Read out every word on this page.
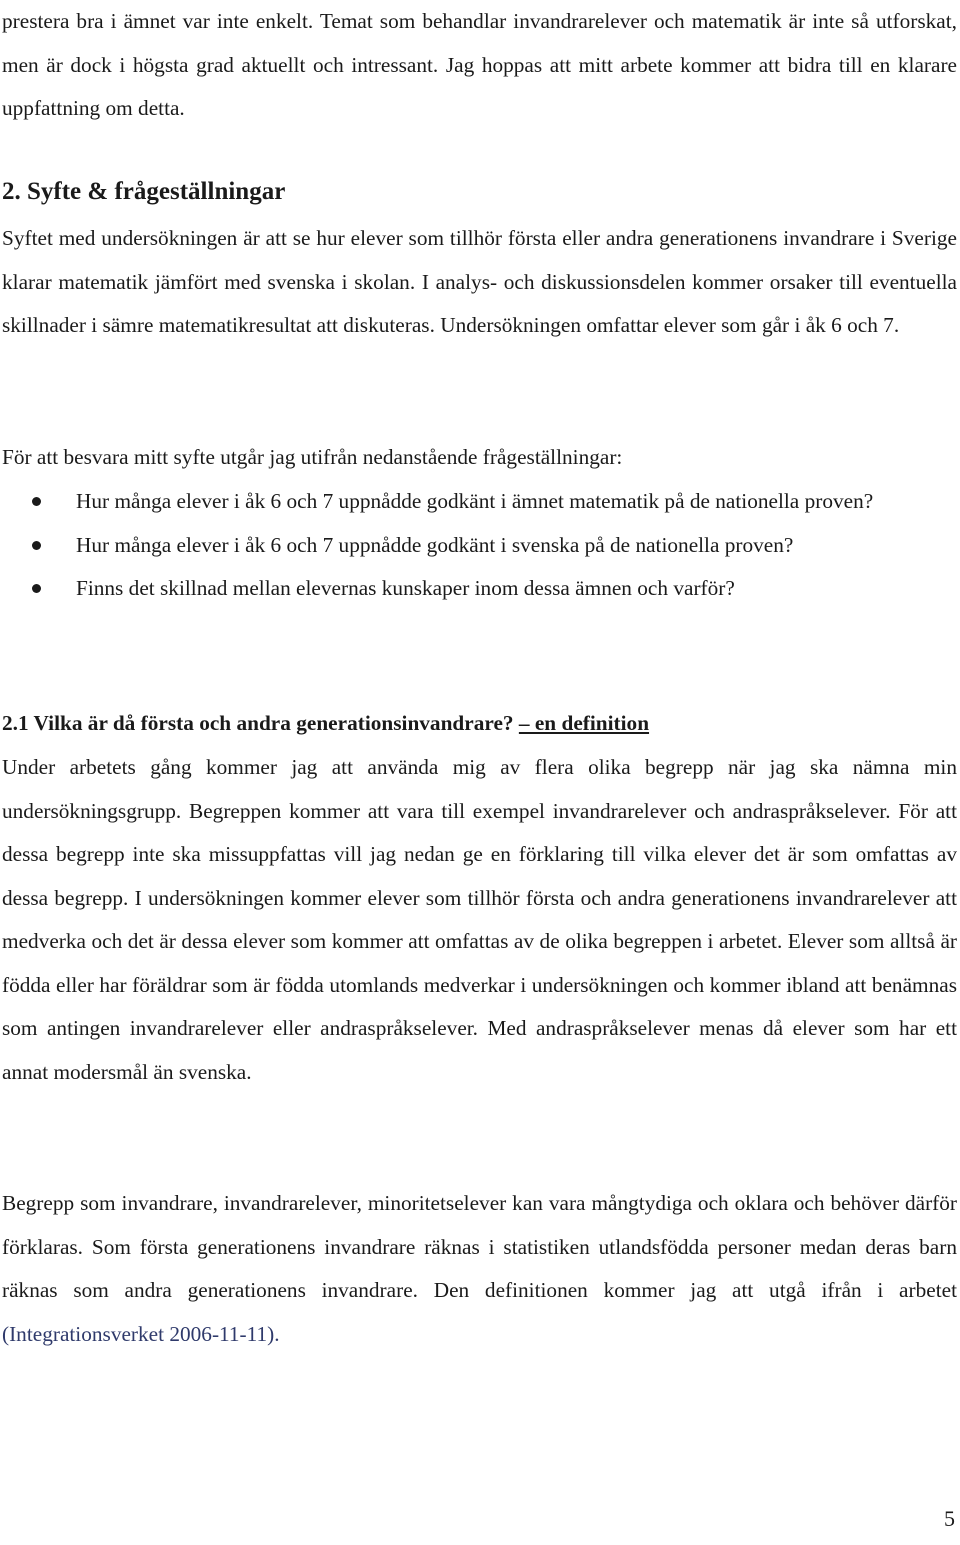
prestera bra i ämnet var inte enkelt. Temat som behandlar invandrarelever och matematik är inte så utforskat, men är dock i högsta grad aktuellt och intressant. Jag hoppas att mitt arbete kommer att bidra till en klarare uppfattning om detta.

2. Syfte & frågeställningar

Syftet med undersökningen är att se hur elever som tillhör första eller andra generationens invandrare i Sverige klarar matematik jämfört med svenska i skolan. I analys- och diskussionsdelen kommer orsaker till eventuella skillnader i sämre matematikresultat att diskuteras. Undersökningen omfattar elever som går i åk 6 och 7.

För att besvara mitt syfte utgår jag utifrån nedanstående frågeställningar:

Hur många elever i åk 6 och 7 uppnådde godkänt i ämnet matematik på de nationella proven?
Hur många elever i åk 6 och 7 uppnådde godkänt i svenska på de nationella proven?
Finns det skillnad mellan elevernas kunskaper inom dessa ämnen och varför?
2.1 Vilka är då första och andra generationsinvandrare? – en definition

Under arbetets gång kommer jag att använda mig av flera olika begrepp när jag ska nämna min undersökningsgrupp. Begreppen kommer att vara till exempel invandrarelever och andraspråkselever. För att dessa begrepp inte ska missuppfattas vill jag nedan ge en förklaring till vilka elever det är som omfattas av dessa begrepp. I undersökningen kommer elever som tillhör första och andra generationens invandrarelever att medverka och det är dessa elever som kommer att omfattas av de olika begreppen i arbetet. Elever som alltså är födda eller har föräldrar som är födda utomlands medverkar i undersökningen och kommer ibland att benämnas som antingen invandrarelever eller andraspråkselever. Med andraspråkselever menas då elever som har ett annat modersmål än svenska.

Begrepp som invandrare, invandrarelever, minoritetselever kan vara mångtydiga och oklara och behöver därför förklaras. Som första generationens invandrare räknas i statistiken utlandsfödda personer medan deras barn räknas som andra generationens invandrare. Den definitionen kommer jag att utgå ifrån i arbetet (Integrationsverket 2006-11-11).

5
